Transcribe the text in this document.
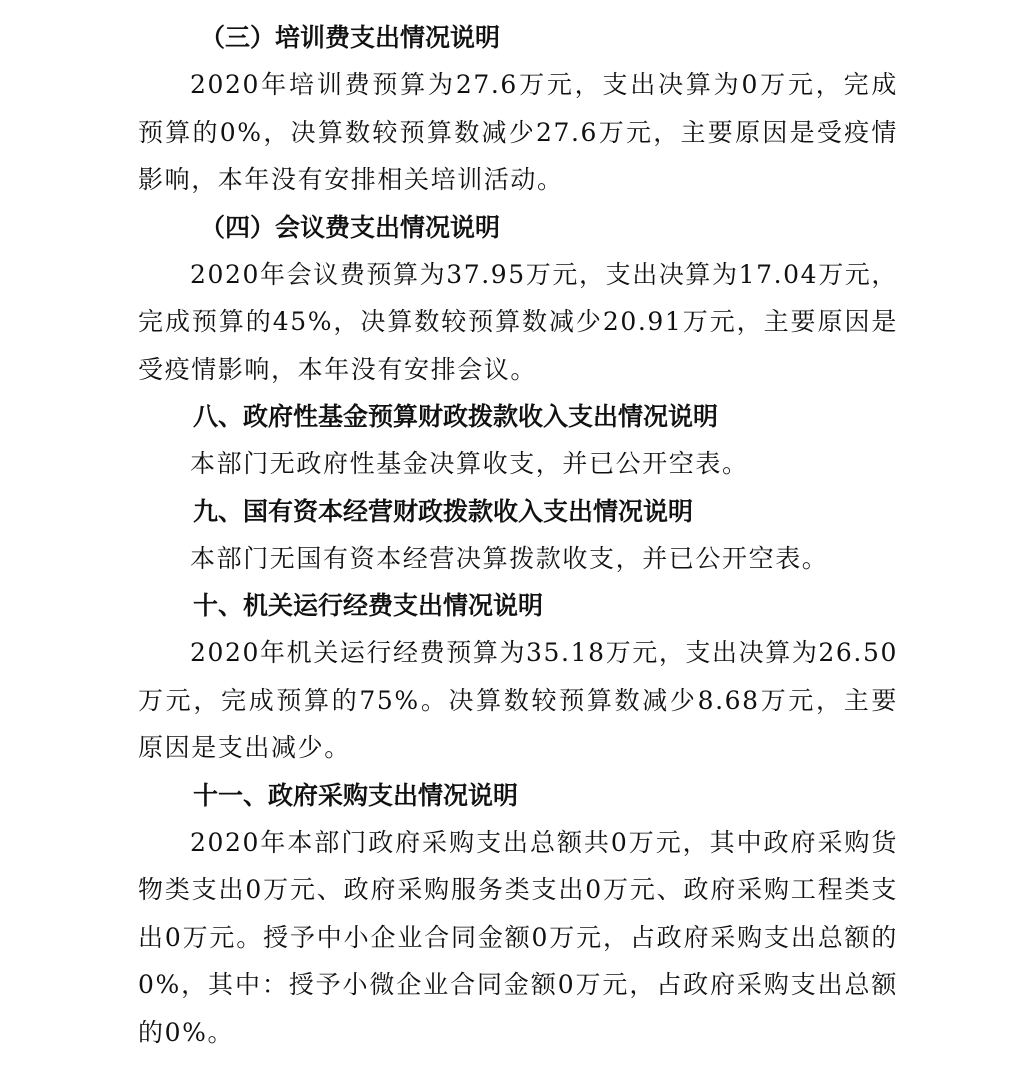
（三）培训费支出情况说明

2020年培训费预算为27.6万元，支出决算为0万元，完成预算的0%，决算数较预算数减少27.6万元，主要原因是受疫情影响，本年没有安排相关培训活动。

（四）会议费支出情况说明

2020年会议费预算为37.95万元，支出决算为17.04万元，完成预算的45%，决算数较预算数减少20.91万元，主要原因是受疫情影响，本年没有安排会议。

八、政府性基金预算财政拨款收入支出情况说明

本部门无政府性基金决算收支，并已公开空表。

九、国有资本经营财政拨款收入支出情况说明

本部门无国有资本经营决算拨款收支，并已公开空表。

十、机关运行经费支出情况说明

2020年机关运行经费预算为35.18万元，支出决算为26.50万元，完成预算的75%。决算数较预算数减少8.68万元，主要原因是支出减少。

十一、政府采购支出情况说明

2020年本部门政府采购支出总额共0万元，其中政府采购货物类支出0万元、政府采购服务类支出0万元、政府采购工程类支出0万元。授予中小企业合同金额0万元，占政府采购支出总额的0%，其中：授予小微企业合同金额0万元，占政府采购支出总额的0%。
